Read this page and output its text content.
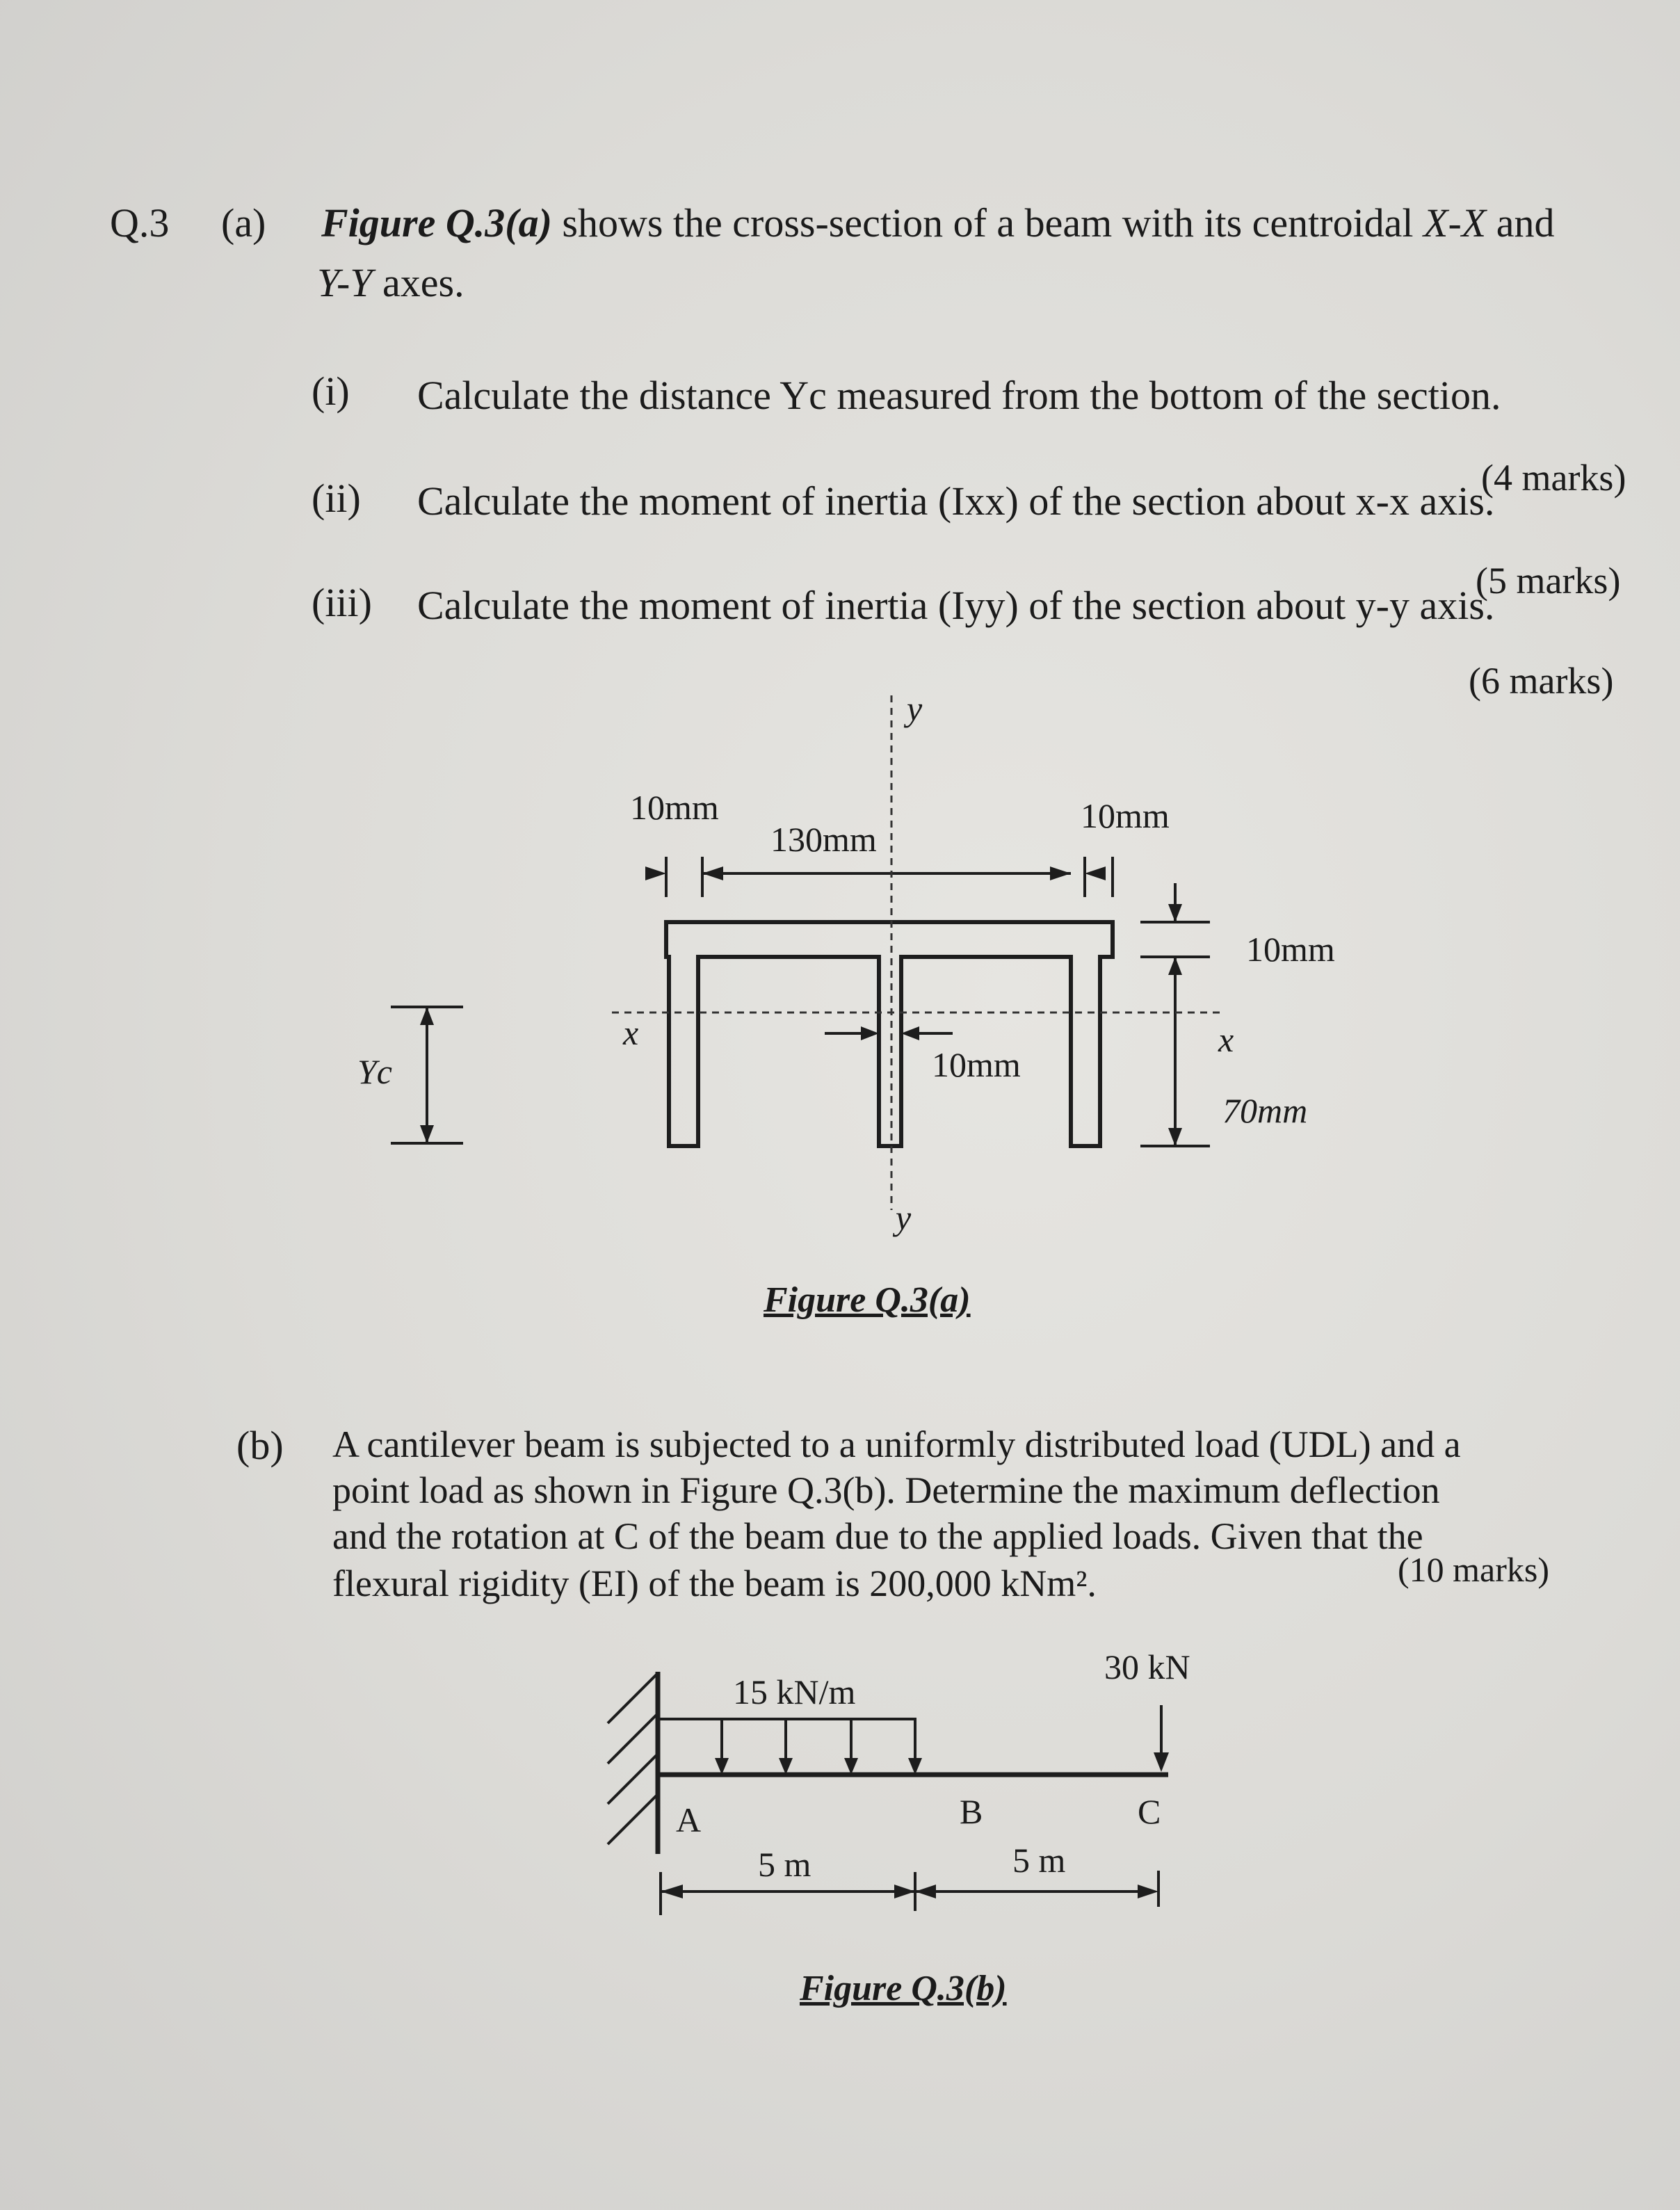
Q.3 (a) Figure Q.3(a) shows the cross-section of a beam with its centroidal X-X and
Y-Y axes.
(i) Calculate the distance Yc measured from the bottom of the section.
(4 marks)
(ii) Calculate the moment of inertia (Ixx) of the section about x-x axis.
(5 marks)
(iii) Calculate the moment of inertia (Iyy) of the section about y-y axis.
(6 marks)
10mm
130mm
10mm
10mm
10mm
70mm
y
y
x	x
Yc
Figure Q.3(a)
(b) A cantilever beam is subjected to a uniformly distributed load (UDL) and a
point load as shown in Figure Q.3(b). Determine the maximum deflection
and the rotation at C of the beam due to the applied loads. Given that the
flexural rigidity (EI) of the beam is 200,000 kNm².	(10 marks)
15 kN/m
30 kN
A	B	C
5 m	5 m
Figure Q.3(b)
